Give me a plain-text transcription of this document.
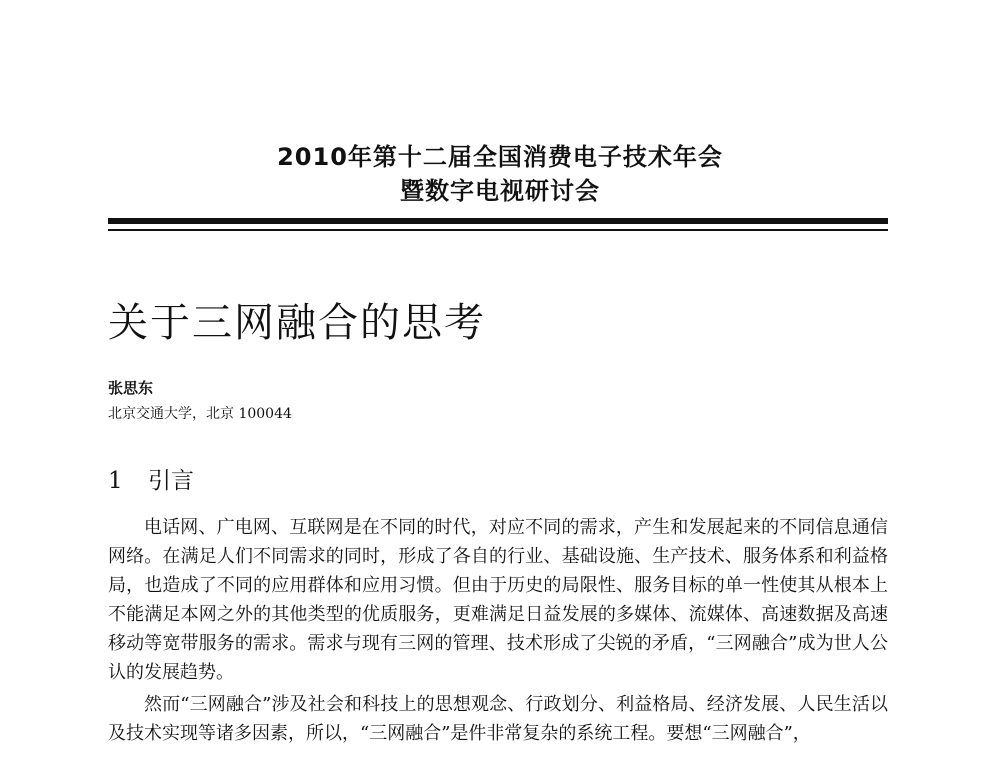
2010年第十二届全国消费电子技术年会
暨数字电视研讨会
关于三网融合的思考
张思东
北京交通大学，北京 100044
1 引言

电话网、广电网、互联网是在不同的时代，对应不同的需求，产生和发展起来的不同信息通信网络。在满足人们不同需求的同时，形成了各自的行业、基础设施、生产技术、服务体系和利益格局，也造成了不同的应用群体和应用习惯。但由于历史的局限性、服务目标的单一性使其从根本上不能满足本网之外的其他类型的优质服务，更难满足日益发展的多媒体、流媒体、高速数据及高速移动等宽带服务的需求。需求与现有三网的管理、技术形成了尖锐的矛盾，“三网融合”成为世人公认的发展趋势。

然而“三网融合”涉及社会和科技上的思想观念、行政划分、利益格局、经济发展、人民生活以及技术实现等诸多因素，所以，“三网融合”是件非常复杂的系统工程。要想“三网融合”，
